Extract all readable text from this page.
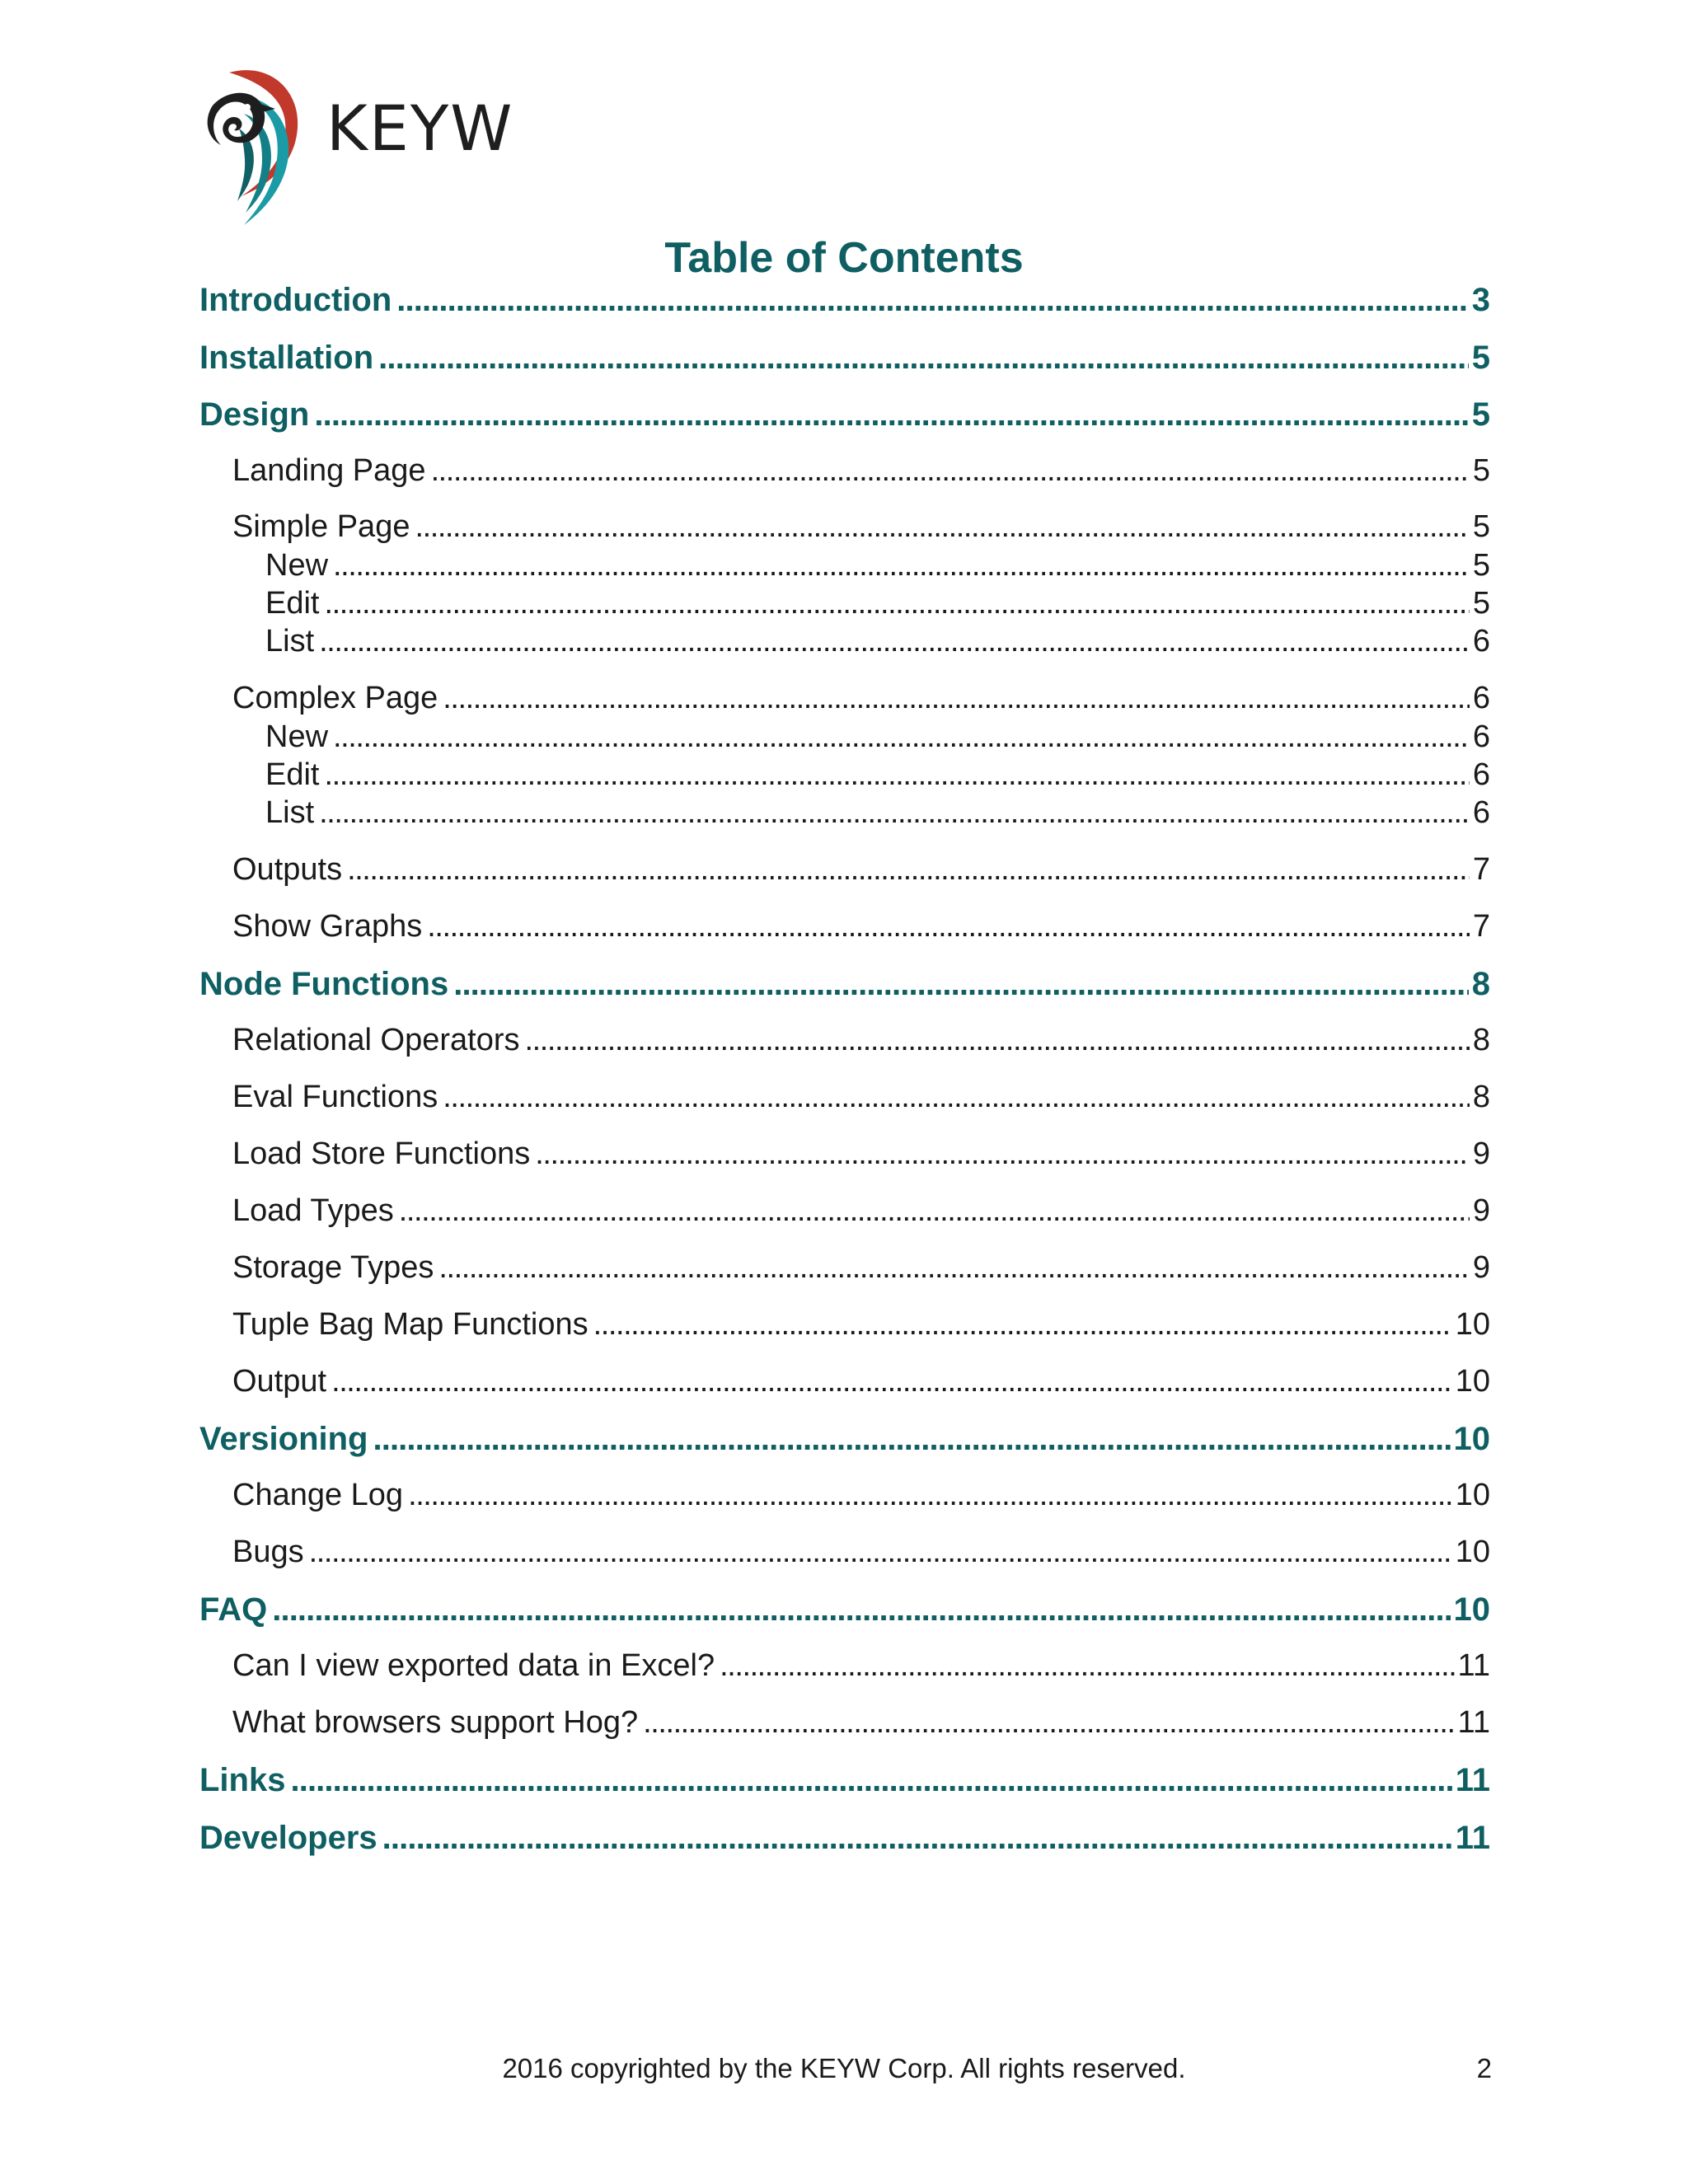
KEYW
Table of Contents
Introduction . . .	3
Installation . . .	5
Design . . .	5
Landing Page . . .	5
Simple Page . . .	5
New . . .	5
Edit . . .	5
List . . .	6
Complex Page . . .	6
New . . .	6
Edit . . .	6
List . . .	6
Outputs . . .	7
Show Graphs . . .	7
Node Functions . . .	8
Relational Operators . . .	8
Eval Functions . . .	8
Load Store Functions . . .	9
Load Types . . .	9
Storage Types . . .	9
Tuple Bag Map Functions . . .	10
Output . . .	10
Versioning . . .	10
Change Log . . .	10
Bugs . . .	10
FAQ . . .	10
Can I view exported data in Excel? . . .	11
What browsers support Hog? . . .	11
Links . . .	11
Developers . . .	11
2016 copyrighted by the KEYW Corp. All rights reserved.	2
